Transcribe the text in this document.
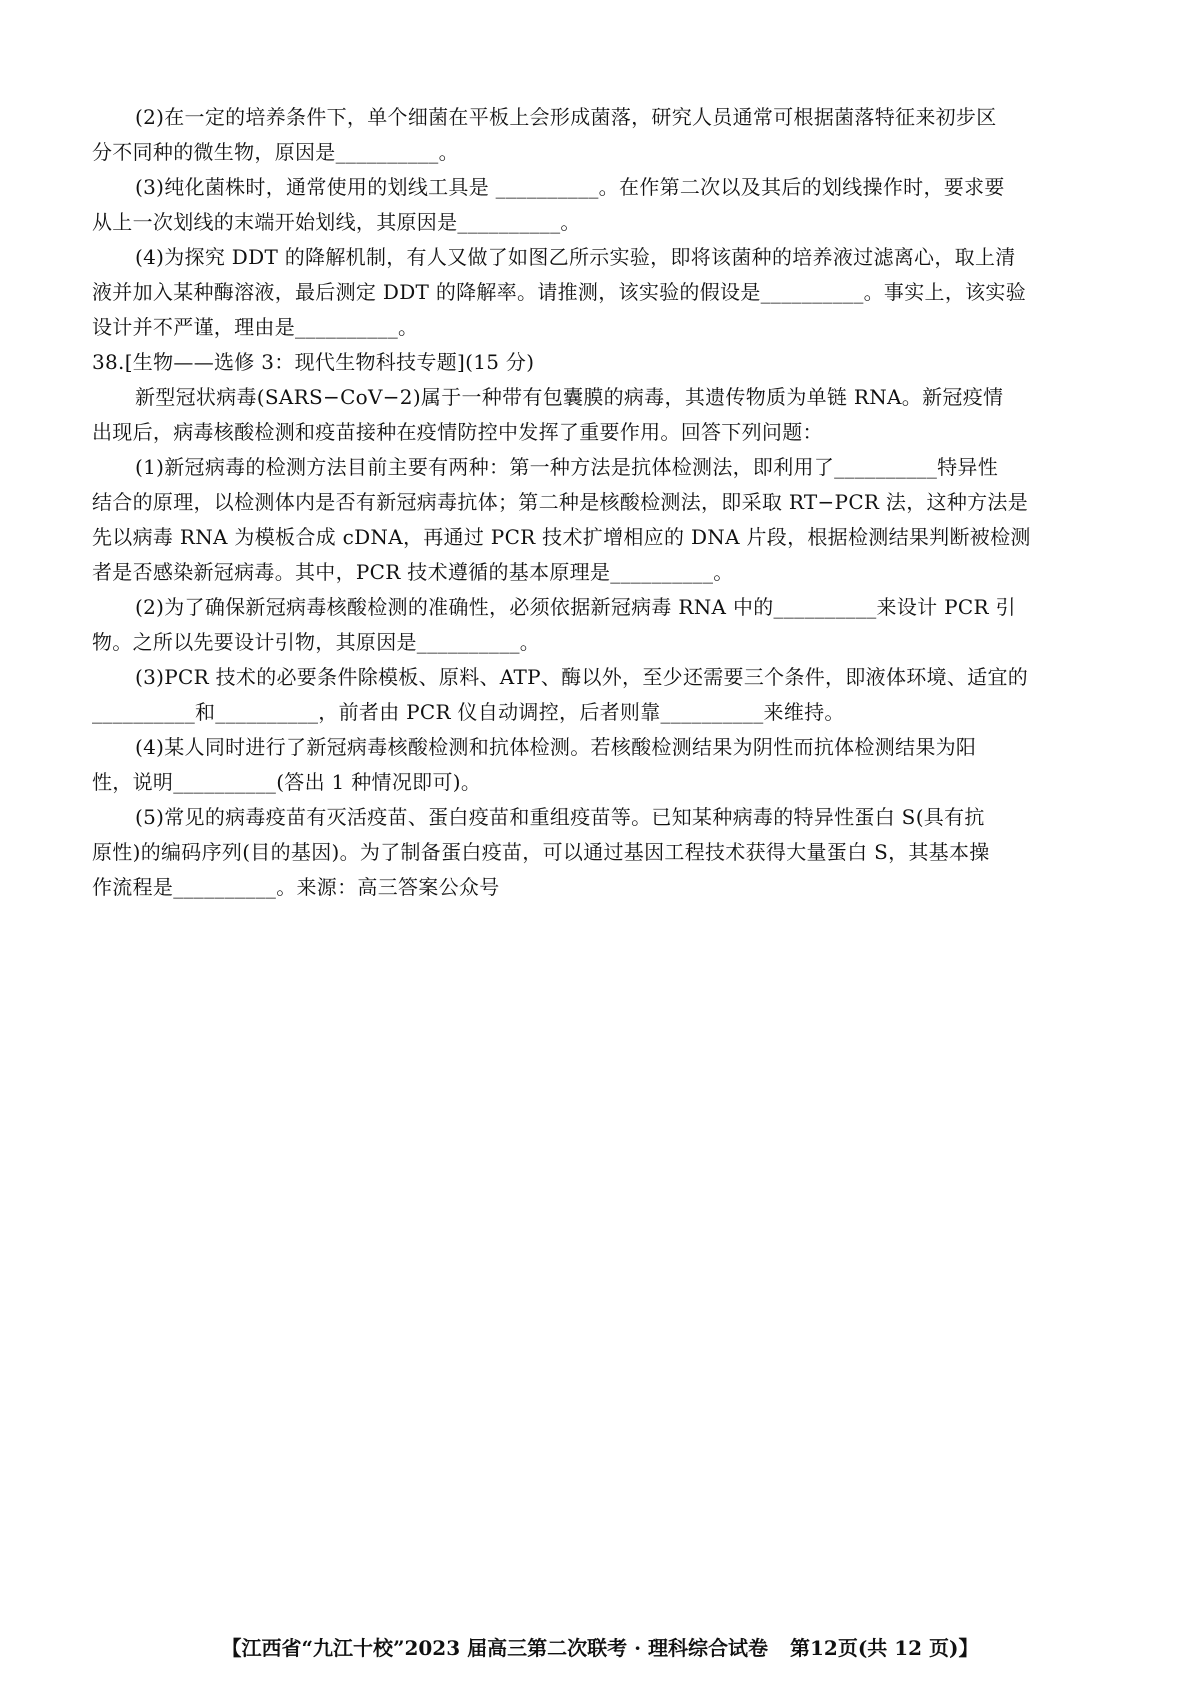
(2)在一定的培养条件下，单个细菌在平板上会形成菌落，研究人员通常可根据菌落特征来初步区
分不同种的微生物，原因是__________。
(3)纯化菌株时，通常使用的划线工具是 __________。在作第二次以及其后的划线操作时，要求要
从上一次划线的末端开始划线，其原因是__________。
(4)为探究 DDT 的降解机制，有人又做了如图乙所示实验，即将该菌种的培养液过滤离心，取上清
液并加入某种酶溶液，最后测定 DDT 的降解率。请推测，该实验的假设是__________。事实上，该实验
设计并不严谨，理由是__________。
38.[生物——选修 3：现代生物科技专题](15 分)
新型冠状病毒(SARS−CoV−2)属于一种带有包囊膜的病毒，其遗传物质为单链 RNA。新冠疫情
出现后，病毒核酸检测和疫苗接种在疫情防控中发挥了重要作用。回答下列问题：
(1)新冠病毒的检测方法目前主要有两种：第一种方法是抗体检测法，即利用了__________特异性
结合的原理，以检测体内是否有新冠病毒抗体；第二种是核酸检测法，即采取 RT−PCR 法，这种方法是
先以病毒 RNA 为模板合成 cDNA，再通过 PCR 技术扩增相应的 DNA 片段，根据检测结果判断被检测
者是否感染新冠病毒。其中，PCR 技术遵循的基本原理是__________。
(2)为了确保新冠病毒核酸检测的准确性，必须依据新冠病毒 RNA 中的__________来设计 PCR 引
物。之所以先要设计引物，其原因是__________。
(3)PCR 技术的必要条件除模板、原料、ATP、酶以外，至少还需要三个条件，即液体环境、适宜的
__________和__________，前者由 PCR 仪自动调控，后者则靠__________来维持。
(4)某人同时进行了新冠病毒核酸检测和抗体检测。若核酸检测结果为阴性而抗体检测结果为阳
性，说明__________(答出 1 种情况即可)。
(5)常见的病毒疫苗有灭活疫苗、蛋白疫苗和重组疫苗等。已知某种病毒的特异性蛋白 S(具有抗
原性)的编码序列(目的基因)。为了制备蛋白疫苗，可以通过基因工程技术获得大量蛋白 S，其基本操
作流程是__________。来源：高三答案公众号
【江西省“九江十校”2023 届高三第二次联考 · 理科综合试卷 第12页(共 12 页)】
